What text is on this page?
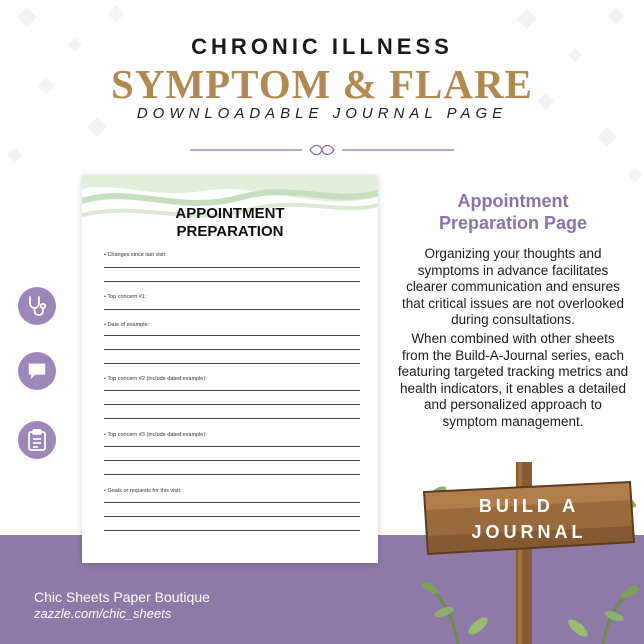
CHRONIC ILLNESS
SYMPTOM & FLARE
DOWNLOADABLE JOURNAL PAGE
APPOINTMENT
PREPARATION
• Changes since last visit:
• Top concern #1:
• Date of example:
• Top concern #2 (include dated example):
• Top concern #3 (include dated example):
• Goals or requests for this visit:
Appointment
Preparation Page
Organizing your thoughts and symptoms in advance facilitates clearer communication and ensures that critical issues are not overlooked during consultations.
When combined with other sheets from the Build-A-Journal series, each featuring targeted tracking metrics and health indicators, it enables a detailed and personalized approach to symptom management.
BUILD A
JOURNAL
Chic Sheets Paper Boutique
zazzle.com/chic_sheets
